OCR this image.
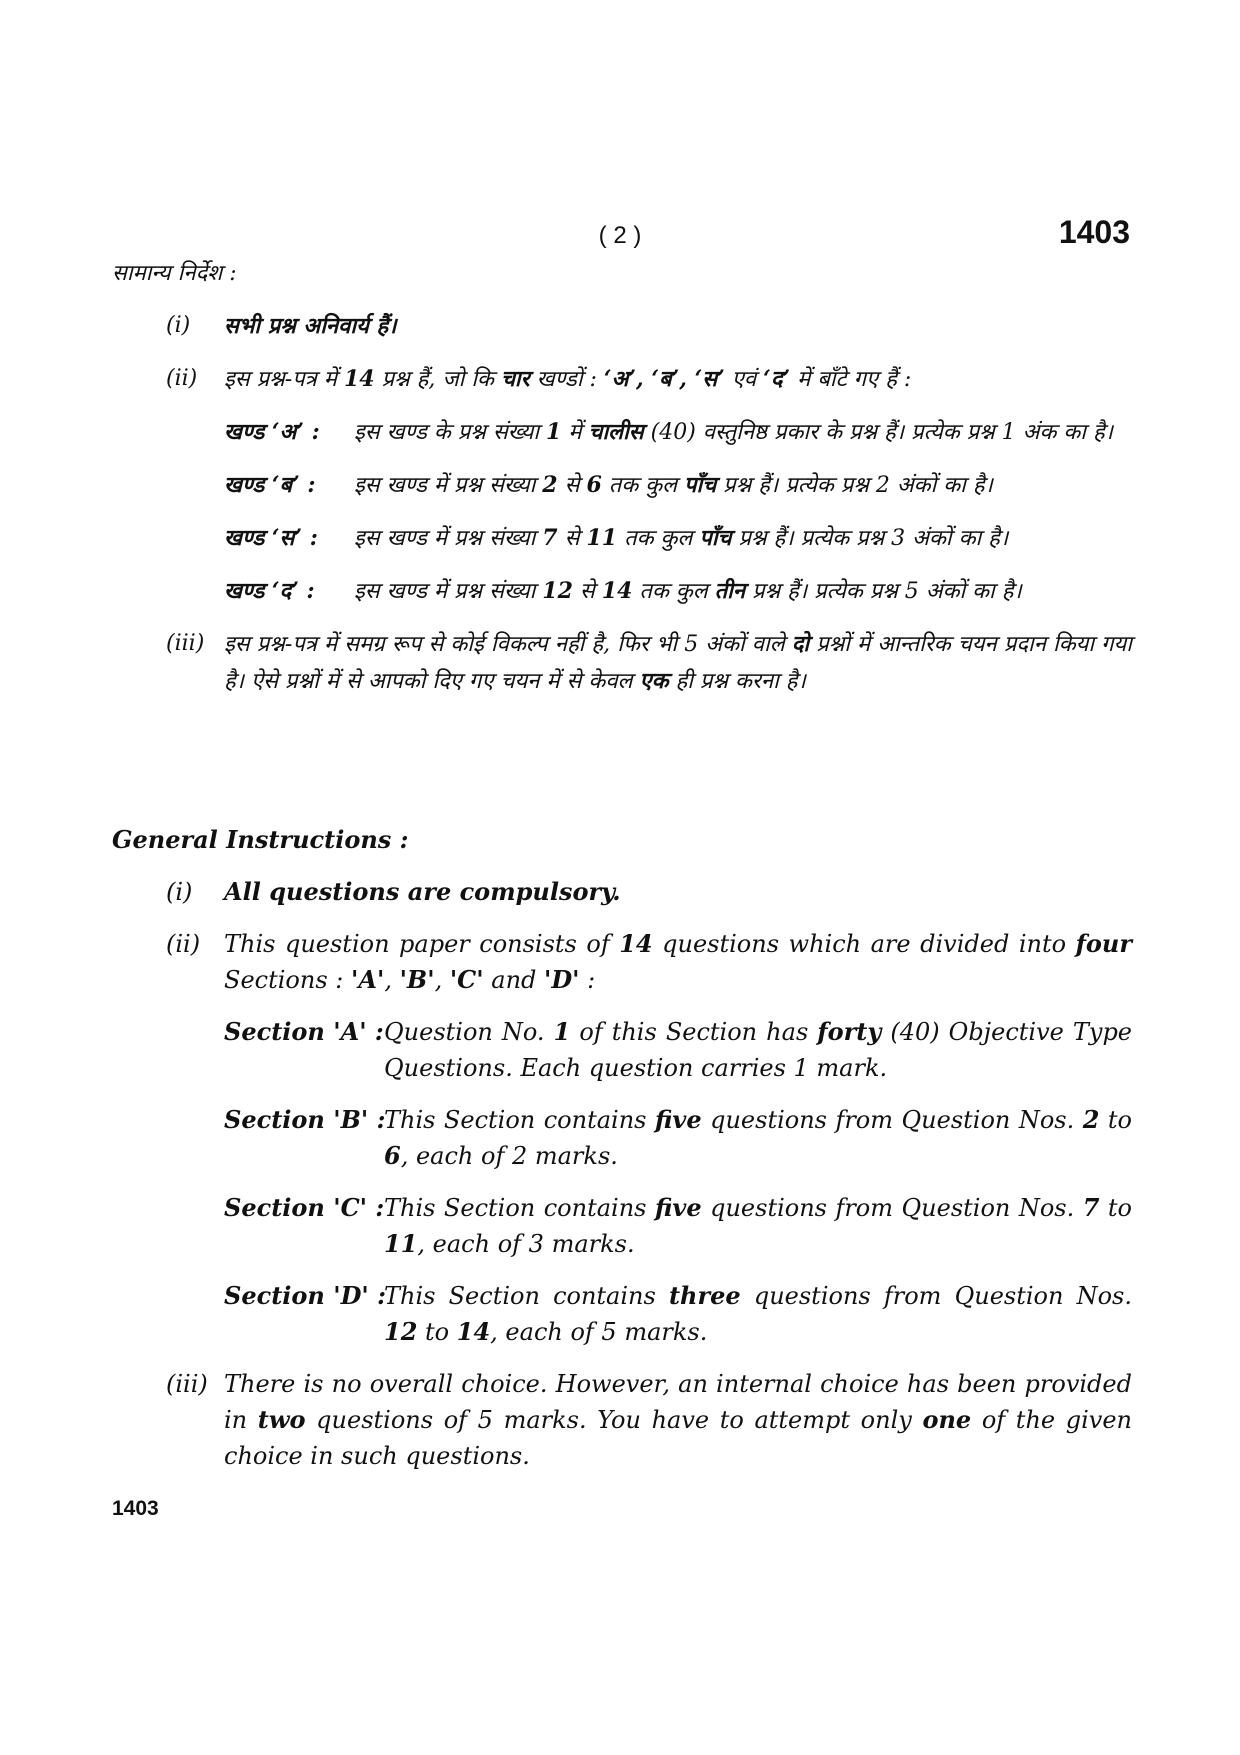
( 2 )	1403
सामान्य निर्देश :
(i)	सभी प्रश्न अनिवार्य हैं।
(ii)	इस प्रश्न-पत्र में 14 प्रश्न हैं, जो कि चार खण्डों : ‘अ’, ‘ब’, ‘स’ एवं ‘द’ में बाँटे गए हैं :
खण्ड ‘अ’ :	इस खण्ड के प्रश्न संख्या 1 में चालीस (40) वस्तुनिष्ठ प्रकार के प्रश्न हैं। प्रत्येक प्रश्न 1 अंक का है।
खण्ड ‘ब’ :	इस खण्ड में प्रश्न संख्या 2 से 6 तक कुल पाँच प्रश्न हैं। प्रत्येक प्रश्न 2 अंकों का है।
खण्ड ‘स’ :	इस खण्ड में प्रश्न संख्या 7 से 11 तक कुल पाँच प्रश्न हैं। प्रत्येक प्रश्न 3 अंकों का है।
खण्ड ‘द’ :	इस खण्ड में प्रश्न संख्या 12 से 14 तक कुल तीन प्रश्न हैं। प्रत्येक प्रश्न 5 अंकों का है।
(iii) इस प्रश्न-पत्र में समग्र रूप से कोई विकल्प नहीं है, फिर भी 5 अंकों वाले दो प्रश्नों में आन्तरिक चयन प्रदान किया गया है। ऐसे प्रश्नों में से आपको दिए गए चयन में से केवल एक ही प्रश्न करना है।
General Instructions :
(i)	All questions are compulsory.
(ii) This question paper consists of 14 questions which are divided into four Sections : 'A', 'B', 'C' and 'D' :
Section 'A' : Question No. 1 of this Section has forty (40) Objective Type Questions. Each question carries 1 mark.
Section 'B' :
This Section contains five questions from Question Nos. 2 to 6, each of 2 marks.
Section 'C' : This Section contains five questions from Question Nos. 7 to 11, each of 3 marks.
Section 'D' :
This Section contains three questions from Question Nos. 12 to 14, each of 5 marks.
(iii) There is no overall choice. However, an internal choice has been provided in two questions of 5 marks. You have to attempt only one of the given choice in such questions.
1403
